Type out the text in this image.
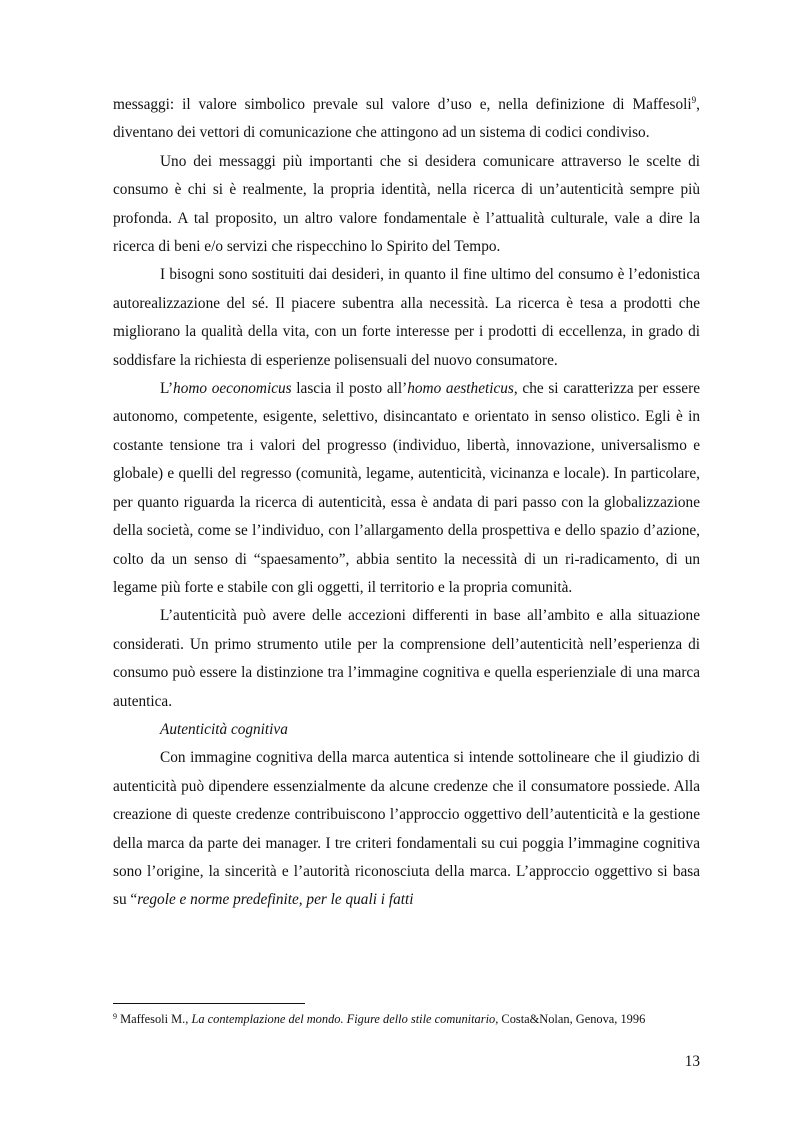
messaggi: il valore simbolico prevale sul valore d’uso e, nella definizione di Maffesoli$^9$, diventano dei vettori di comunicazione che attingono ad un sistema di codici condiviso.

Uno dei messaggi più importanti che si desidera comunicare attraverso le scelte di consumo è chi si è realmente, la propria identità, nella ricerca di un’autenticità sempre più profonda. A tal proposito, un altro valore fondamentale è l’attualità culturale, vale a dire la ricerca di beni e/o servizi che rispecchino lo Spirito del Tempo.

I bisogni sono sostituiti dai desideri, in quanto il fine ultimo del consumo è l’edonistica autorealizzazione del sé. Il piacere subentra alla necessità. La ricerca è tesa a prodotti che migliorano la qualità della vita, con un forte interesse per i prodotti di eccellenza, in grado di soddisfare la richiesta di esperienze polisensuali del nuovo consumatore.

L’homo oeconomicus lascia il posto all’homo aestheticus, che si caratterizza per essere autonomo, competente, esigente, selettivo, disincantato e orientato in senso olistico. Egli è in costante tensione tra i valori del progresso (individuo, libertà, innovazione, universalismo e globale) e quelli del regresso (comunità, legame, autenticità, vicinanza e locale). In particolare, per quanto riguarda la ricerca di autenticità, essa è andata di pari passo con la globalizzazione della società, come se l’individuo, con l’allargamento della prospettiva e dello spazio d’azione, colto da un senso di “spaesamento”, abbia sentito la necessità di un ri-radicamento, di un legame più forte e stabile con gli oggetti, il territorio e la propria comunità.

L’autenticità può avere delle accezioni differenti in base all’ambito e alla situazione considerati. Un primo strumento utile per la comprensione dell’autenticità nell’esperienza di consumo può essere la distinzione tra l’immagine cognitiva e quella esperienziale di una marca autentica.

Autenticità cognitiva

Con immagine cognitiva della marca autentica si intende sottolineare che il giudizio di autenticità può dipendere essenzialmente da alcune credenze che il consumatore possiede. Alla creazione di queste credenze contribuiscono l’approccio oggettivo dell’autenticità e la gestione della marca da parte dei manager. I tre criteri fondamentali su cui poggia l’immagine cognitiva sono l’origine, la sincerità e l’autorità riconosciuta della marca. L’approccio oggettivo si basa su “regole e norme predefinite, per le quali i fatti

$^9$ Maffesoli M., La contemplazione del mondo. Figure dello stile comunitario, Costa&Nolan, Genova, 1996
13
